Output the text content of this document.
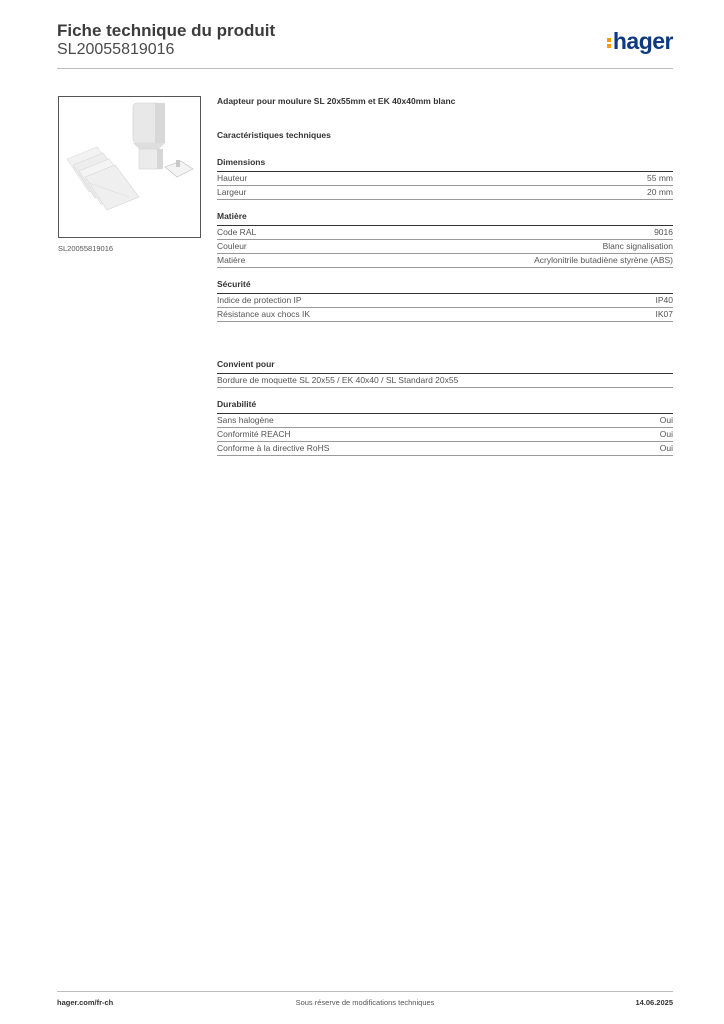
Fiche technique du produit
SL20055819016	hager
SL20055819016
Adapteur pour moulure SL 20x55mm et EK 40x40mm blanc
Caractéristiques techniques
Dimensions
Hauteur	55 mm
Largeur	20 mm
Matière
Code RAL	9016
Couleur	Blanc signalisation
Matière	Acrylonitrile butadiène styrène (ABS)
Sécurité
Indice de protection IP	IP40
Résistance aux chocs IK	IK07
Convient pour
Bordure de moquette SL 20x55 / EK 40x40 / SL Standard 20x55
Durabilité
Sans halogène	Oui
Conformité REACH	Oui
Conforme à la directive RoHS	Oui
hager.com/fr-ch	Sous réserve de modifications techniques	14.06.2025
